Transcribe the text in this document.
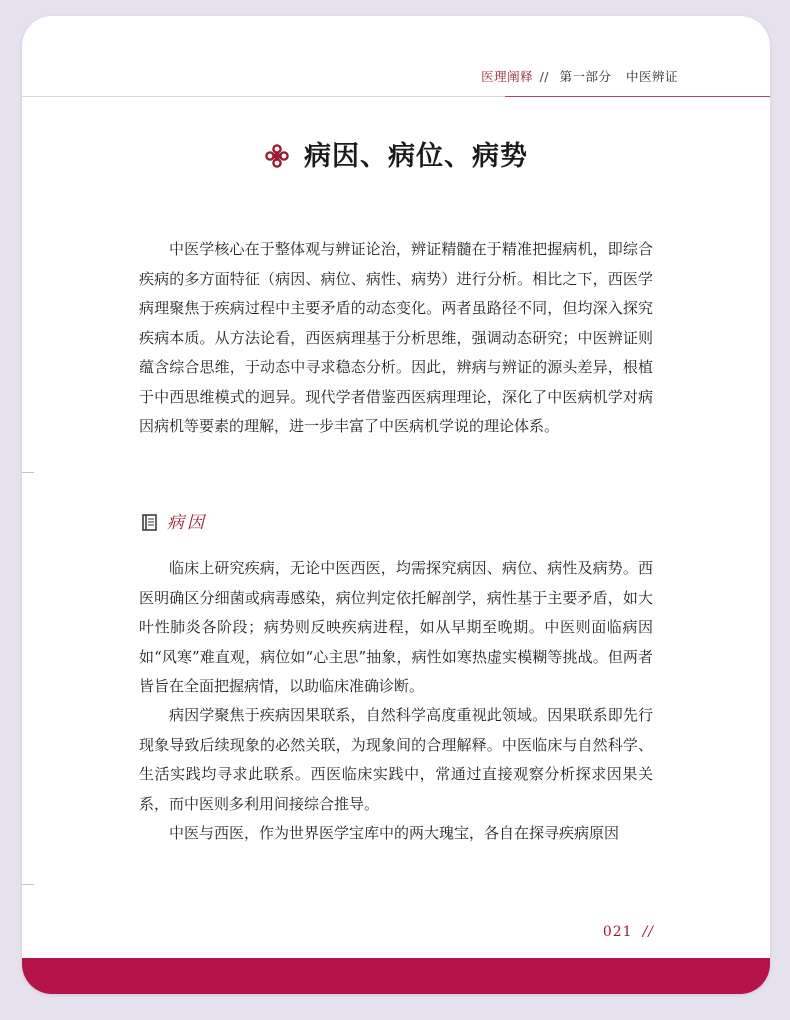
医理阐释 // 第一部分 中医辨证
病因、病位、病势

中医学核心在于整体观与辨证论治，辨证精髓在于精准把握病机，即综合疾病的多方面特征（病因、病位、病性、病势）进行分析。相比之下，西医学病理聚焦于疾病过程中主要矛盾的动态变化。两者虽路径不同，但均深入探究疾病本质。从方法论看，西医病理基于分析思维，强调动态研究；中医辨证则蕴含综合思维，于动态中寻求稳态分析。因此，辨病与辨证的源头差异，根植于中西思维模式的迥异。现代学者借鉴西医病理理论，深化了中医病机学对病因病机等要素的理解，进一步丰富了中医病机学说的理论体系。

病因

临床上研究疾病，无论中医西医，均需探究病因、病位、病性及病势。西医明确区分细菌或病毒感染，病位判定依托解剖学，病性基于主要矛盾，如大叶性肺炎各阶段；病势则反映疾病进程，如从早期至晚期。中医则面临病因如“风寒”难直观，病位如“心主思”抽象，病性如寒热虚实模糊等挑战。但两者皆旨在全面把握病情，以助临床准确诊断。

病因学聚焦于疾病因果联系，自然科学高度重视此领域。因果联系即先行现象导致后续现象的必然关联，为现象间的合理解释。中医临床与自然科学、生活实践均寻求此联系。西医临床实践中，常通过直接观察分析探求因果关系，而中医则多利用间接综合推导。

中医与西医，作为世界医学宝库中的两大瑰宝，各自在探寻疾病原因

021 //
